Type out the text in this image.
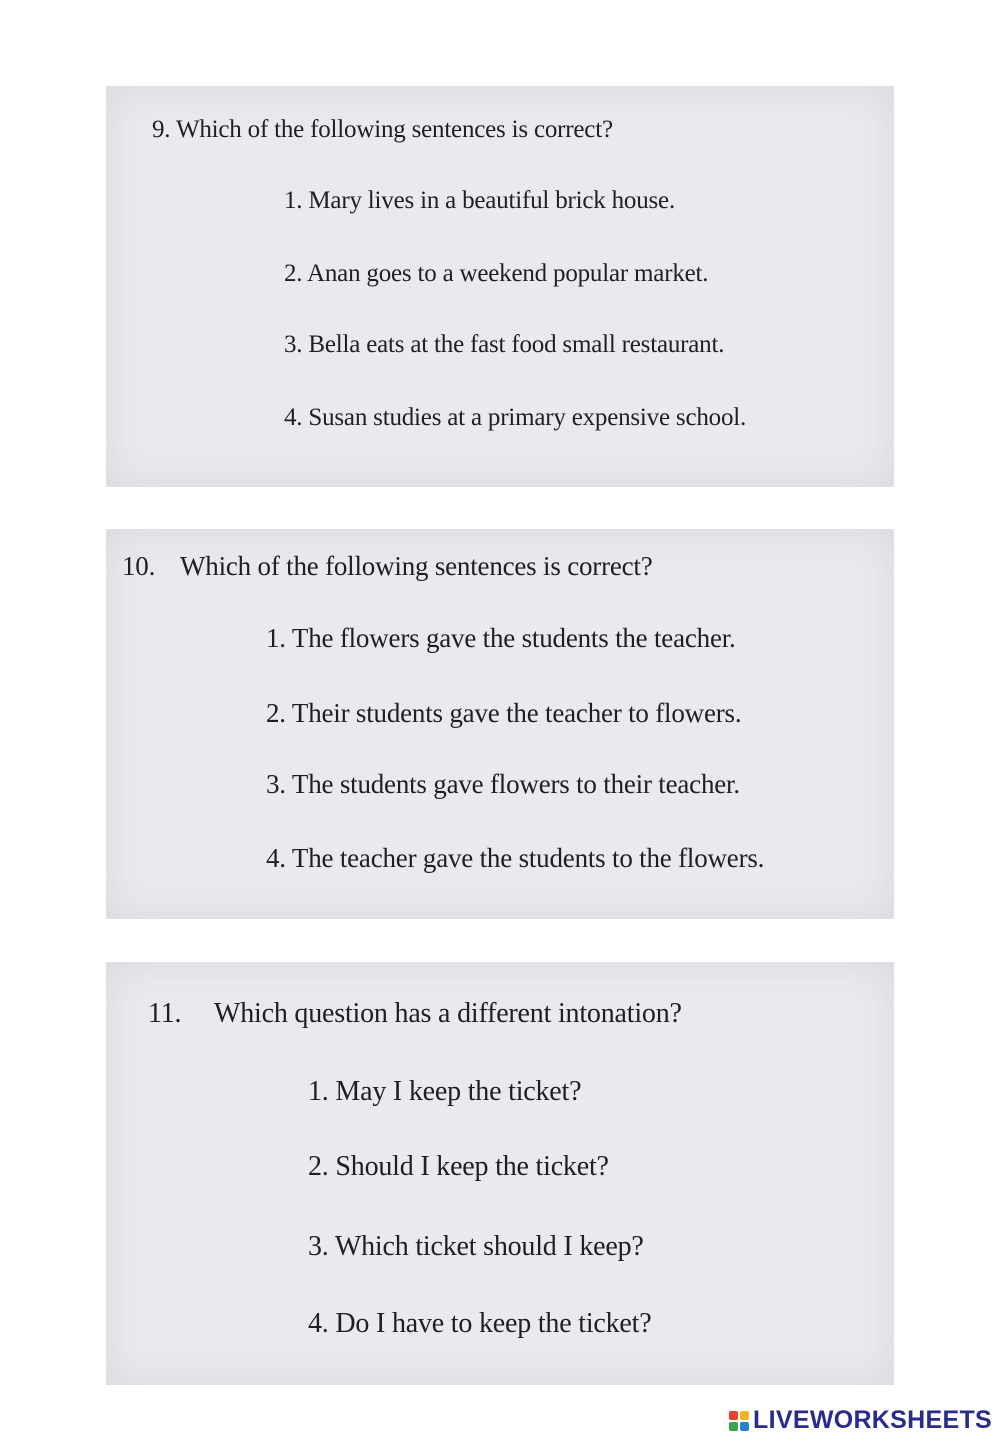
9. Which of the following sentences is correct?
1. Mary lives in a beautiful brick house.
2. Anan goes to a weekend popular market.
3. Bella eats at the fast food small restaurant.
4. Susan studies at a primary expensive school.
10. Which of the following sentences is correct?
1. The flowers gave the students the teacher.
2. Their students gave the teacher to flowers.
3. The students gave flowers to their teacher.
4. The teacher gave the students to the flowers.
11. Which question has a different intonation?
1. May I keep the ticket?
2. Should I keep the ticket?
3. Which ticket should I keep?
4. Do I have to keep the ticket?
LIVEWORKSHEETS
